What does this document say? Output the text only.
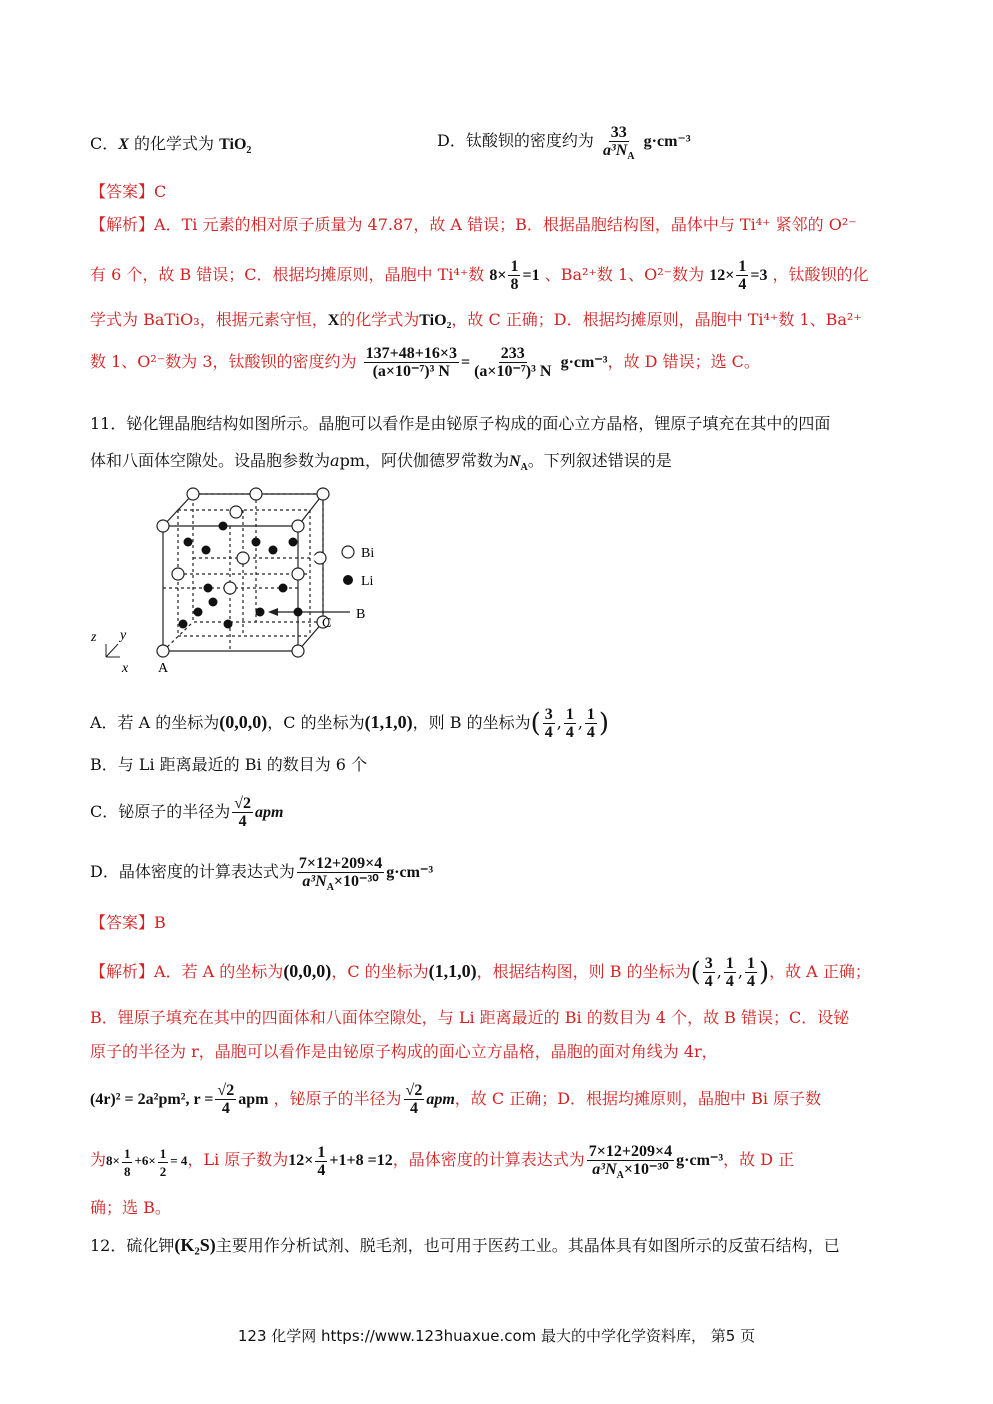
C．X 的化学式为 TiO$_2$
D．钛酸钡的密度约为 $\frac{33}{a^3N_A} g\cdot cm^{-3}$
【答案】C
【解析】A．Ti 元素的相对原子质量为 47.87，故 A 错误；B．根据晶胞结构图，晶体中与 Ti⁴⁺ 紧邻的 O²⁻
有 6 个，故 B 错误；C．根据均摊原则，晶胞中 Ti⁴⁺数 $8\times \frac{1}{8} =1$ 、Ba²⁺数 1、O²⁻数为 $12\times \frac{1}{4} =3$ ，钛酸钡的化
学式为 BaTiO₃，根据元素守恒，X的化学式为TiO₂，故 C 正确；D．根据均摊原则，晶胞中 Ti⁴⁺数 1、Ba²⁺
数 1、O²⁻数为 3，钛酸钡的密度约为 $\frac{137+48+16\times 3}{\text{(a×10⁻⁷)³ N}} = \frac{233}{\text{(a×10⁻⁷)³ N}} g\cdot cm^{-3}$，故 D 错误；选 C。
11．铋化锂晶胞结构如图所示。晶胞可以看作是由铋原子构成的面心立方晶格，锂原子填充在其中的四面
体和八面体空隙处。设晶胞参数为apm，阿伏伽德罗常数为$N_A$。下列叙述错误的是
Bi
Li
B
C
A
z y
x
A．若 A 的坐标为(0,0,0)，C 的坐标为(1,1,0)，则 B 的坐标为( $\frac{3}{4}$ , $\frac{1}{4}$ , $\frac{1}{4}$ )
B．与 Li 距离最近的 Bi 的数目为 6 个
C．铋原子的半径为 $\frac{√2}{4}$ apm
D．晶体密度的计算表达式为 $\frac{7\times 12+209\times 4}{a^3N_A\times 10^{-30}} g\cdot cm^{-3}$
【答案】B
【解析】A．若 A 的坐标为(0,0,0)，C 的坐标为(1,1,0)，根据结构图，则 B 的坐标为( $\frac{3}{4}$ , $\frac{1}{4}$ , $\frac{1}{4}$ )，故 A 正确；
B．锂原子填充在其中的四面体和八面体空隙处，与 Li 距离最近的 Bi 的数目为 4 个，故 B 错误；C．设铋
原子的半径为 r，晶胞可以看作是由铋原子构成的面心立方晶格，晶胞的面对角线为 4r，
(4r)² = 2a²pm², $r = \frac{√2}{4}$ apm ，铋原子的半径为 $\frac{√2}{4}$ apm，故 C 正确；D．根据均摊原则，晶胞中 Bi 原子数
为$8\times \frac{1}{8} +6\times \frac{1}{2} = 4$，Li 原子数为$12\times \frac{1}{4} +1+8 =12$，晶体密度的计算表达式为 $\frac{7\times 12+209\times 4}{a^3N_A\times 10^{-30}} g\cdot cm^{-3}$，故 D 正
确；选 B。
12．硫化钾(K₂S)主要用作分析试剂、脱毛剂，也可用于医药工业。其晶体具有如图所示的反萤石结构，已
123 化学网 https://www.123huaxue.com 最大的中学化学资料库， 第5 页
